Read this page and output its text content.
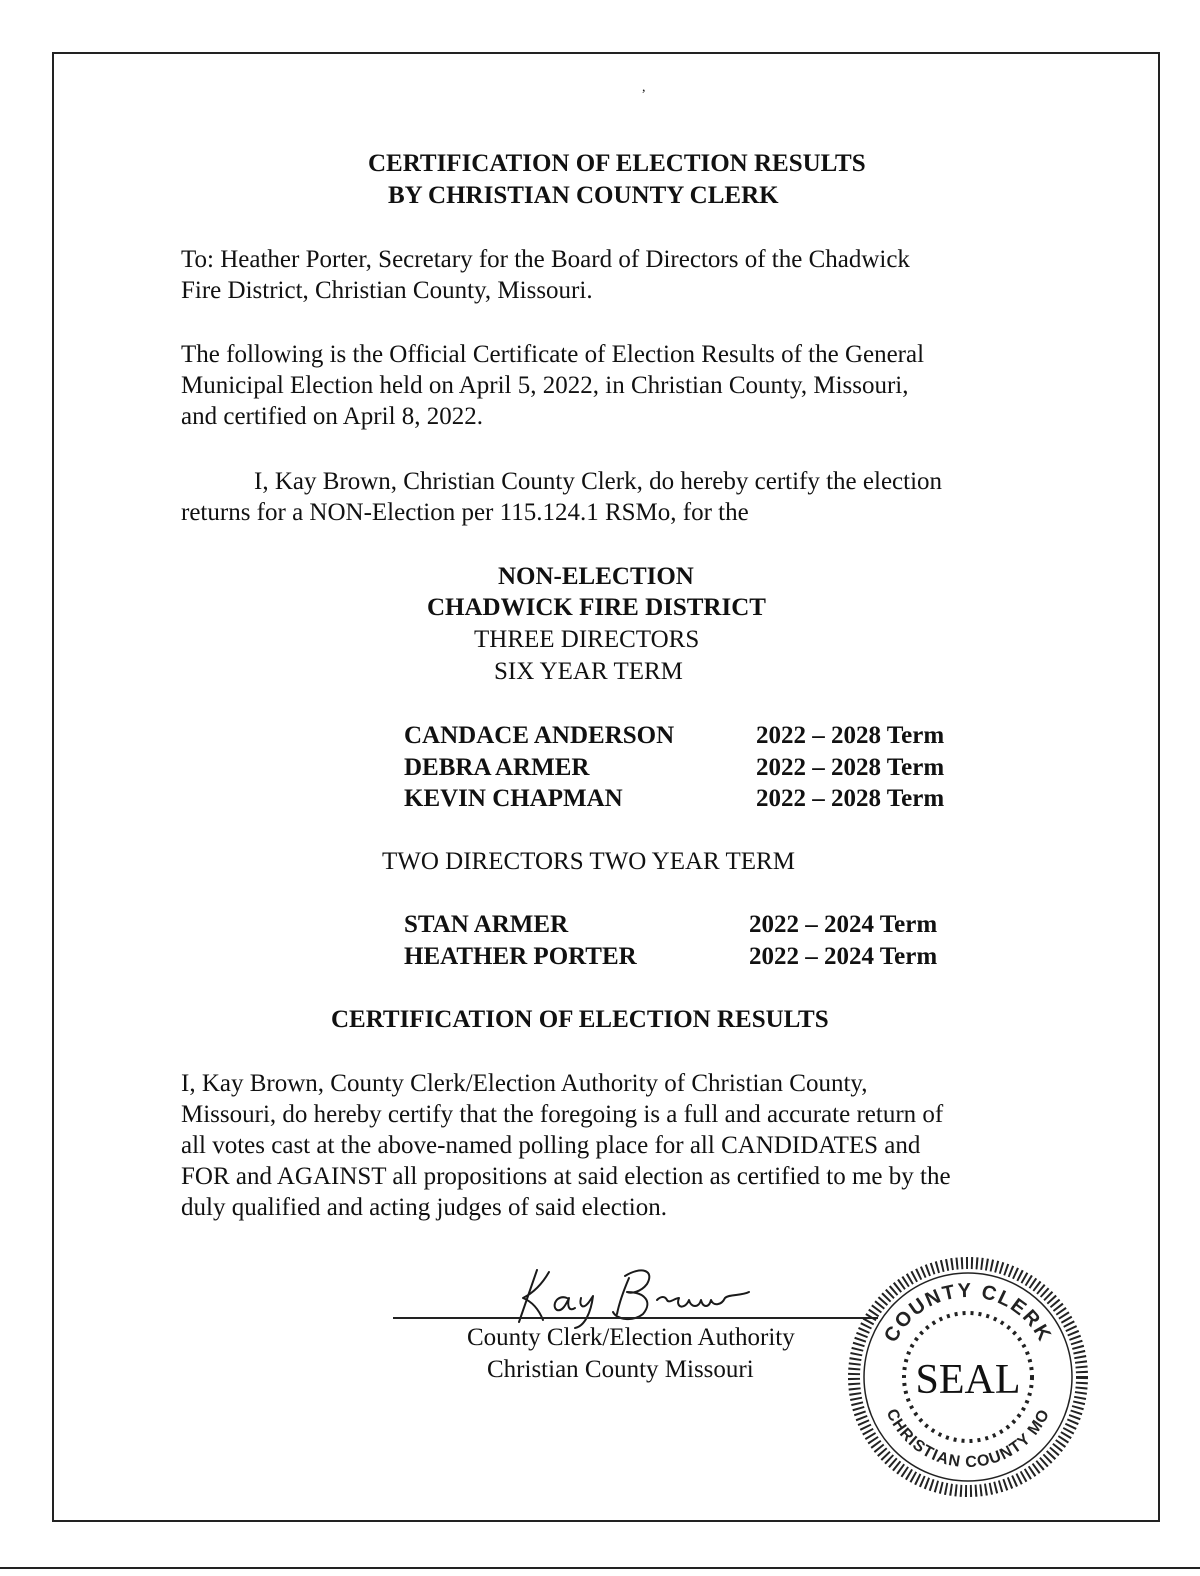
,
CERTIFICATION OF ELECTION RESULTS
BY CHRISTIAN COUNTY CLERK
To: Heather Porter, Secretary for the Board of Directors of the Chadwick
Fire District, Christian County, Missouri.
The following is the Official Certificate of Election Results of the General
Municipal Election held on April 5, 2022, in Christian County, Missouri,
and certified on April 8, 2022.
I, Kay Brown, Christian County Clerk, do hereby certify the election
returns for a NON-Election per 115.124.1 RSMo, for the
NON-ELECTION
CHADWICK FIRE DISTRICT
THREE DIRECTORS
SIX YEAR TERM
CANDACE ANDERSON	2022 – 2028 Term
DEBRA ARMER	2022 – 2028 Term
KEVIN CHAPMAN	2022 – 2028 Term
TWO DIRECTORS TWO YEAR TERM
STAN ARMER	2022 – 2024 Term
HEATHER PORTER	2022 – 2024 Term
CERTIFICATION OF ELECTION RESULTS
I, Kay Brown, County Clerk/Election Authority of Christian County,
Missouri, do hereby certify that the foregoing is a full and accurate return of
all votes cast at the above-named polling place for all CANDIDATES and
FOR and AGAINST all propositions at said election as certified to me by the
duly qualified and acting judges of said election.
County Clerk/Election Authority
Christian County Missouri
COUNTY CLERK
CHRISTIAN COUNTY MO
SEAL
